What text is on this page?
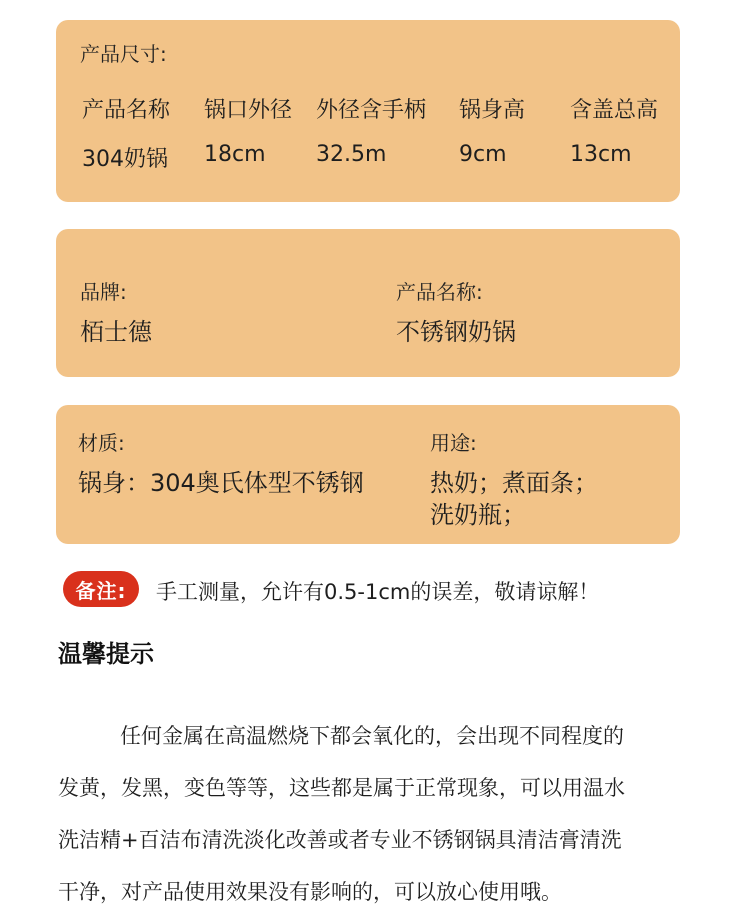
产品尺寸:
产品名称 锅口外径 外径含手柄 锅身高 含盖总高
304奶锅 18cm 32.5m	9cm	13cm
品牌:
栢士德
产品名称:
不锈钢奶锅
材质:
锅身：304奥氏体型不锈钢
用途:
热奶；煮面条；
洗奶瓶；
备注:	手工测量，允许有0.5-1cm的误差，敬请谅解！
温馨提示
任何金属在高温燃烧下都会氧化的，会出现不同程度的
发黄，发黑，变色等等，这些都是属于正常现象，可以用温水
洗洁精+百洁布清洗淡化改善或者专业不锈钢锅具清洁膏清洗
干净，对产品使用效果没有影响的，可以放心使用哦。
